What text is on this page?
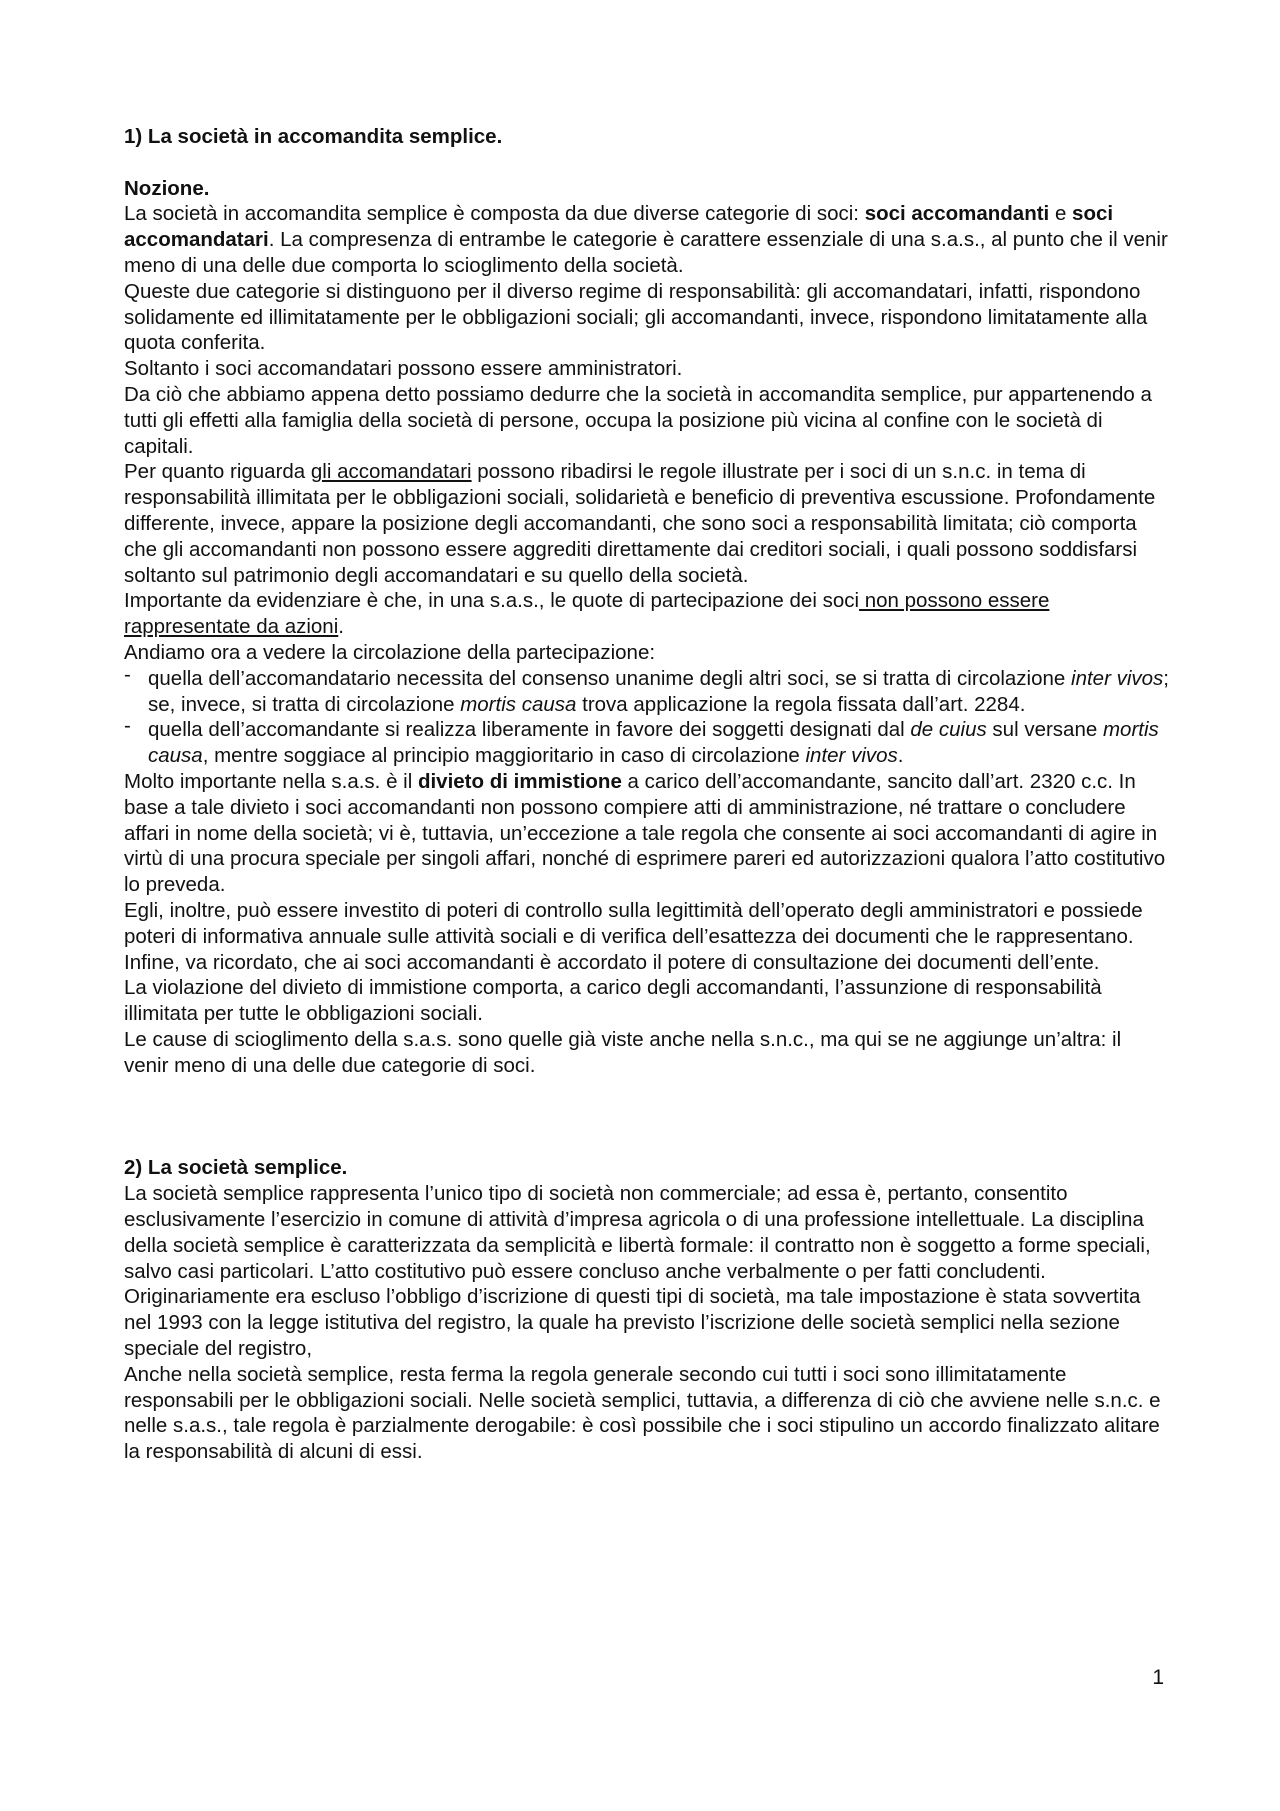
1) La società in accomandita semplice.

Nozione.

La società in accomandita semplice è composta da due diverse categorie di soci: soci accomandanti e soci accomandatari. La compresenza di entrambe le categorie è carattere essenziale di una s.a.s., al punto che il venir meno di una delle due comporta lo scioglimento della società.

Queste due categorie si distinguono per il diverso regime di responsabilità: gli accomandatari, infatti, rispondono solidamente ed illimitatamente per le obbligazioni sociali; gli accomandanti, invece, rispondono limitatamente alla quota conferita.

Soltanto i soci accomandatari possono essere amministratori.

Da ciò che abbiamo appena detto possiamo dedurre che la società in accomandita semplice, pur appartenendo a tutti gli effetti alla famiglia della società di persone, occupa la posizione più vicina al confine con le società di capitali.

Per quanto riguarda gli accomandatari possono ribadirsi le regole illustrate per i soci di un s.n.c. in tema di responsabilità illimitata per le obbligazioni sociali, solidarietà e beneficio di preventiva escussione. Profondamente differente, invece, appare la posizione degli accomandanti, che sono soci a responsabilità limitata; ciò comporta che gli accomandanti non possono essere aggrediti direttamente dai creditori sociali, i quali possono soddisfarsi soltanto sul patrimonio degli accomandatari e su quello della società.

Importante da evidenziare è che, in una s.a.s., le quote di partecipazione dei soci non possono essere rappresentate da azioni.

Andiamo ora a vedere la circolazione della partecipazione:

- quella dell’accomandatario necessita del consenso unanime degli altri soci, se si tratta di circolazione inter vivos; se, invece, si tratta di circolazione mortis causa trova applicazione la regola fissata dall’art. 2284.
- quella dell’accomandante si realizza liberamente in favore dei soggetti designati dal de cuius sul versane mortis causa, mentre soggiace al principio maggioritario in caso di circolazione inter vivos.

Molto importante nella s.a.s. è il divieto di immistione a carico dell’accomandante, sancito dall’art. 2320 c.c. In base a tale divieto i soci accomandanti non possono compiere atti di amministrazione, né trattare o concludere affari in nome della società; vi è, tuttavia, un’eccezione a tale regola che consente ai soci accomandanti di agire in virtù di una procura speciale per singoli affari, nonché di esprimere pareri ed autorizzazioni qualora l’atto costitutivo lo preveda.

Egli, inoltre, può essere investito di poteri di controllo sulla legittimità dell’operato degli amministratori e possiede poteri di informativa annuale sulle attività sociali e di verifica dell’esattezza dei documenti che le rappresentano. Infine, va ricordato, che ai soci accomandanti è accordato il potere di consultazione dei documenti dell’ente.

La violazione del divieto di immistione comporta, a carico degli accomandanti, l’assunzione di responsabilità illimitata per tutte le obbligazioni sociali.

Le cause di scioglimento della s.a.s. sono quelle già viste anche nella s.n.c., ma qui se ne aggiunge un’altra: il venir meno di una delle due categorie di soci.

2) La società semplice.

La società semplice rappresenta l’unico tipo di società non commerciale; ad essa è, pertanto, consentito esclusivamente l’esercizio in comune di attività d’impresa agricola o di una professione intellettuale. La disciplina della società semplice è caratterizzata da semplicità e libertà formale: il contratto non è soggetto a forme speciali, salvo casi particolari. L’atto costitutivo può essere concluso anche verbalmente o per fatti concludenti.

Originariamente era escluso l’obbligo d’iscrizione di questi tipi di società, ma tale impostazione è stata sovvertita nel 1993 con la legge istitutiva del registro, la quale ha previsto l’iscrizione delle società semplici nella sezione speciale del registro,

Anche nella società semplice, resta ferma la regola generale secondo cui tutti i soci sono illimitatamente responsabili per le obbligazioni sociali. Nelle società semplici, tuttavia, a differenza di ciò che avviene nelle s.n.c. e nelle s.a.s., tale regola è parzialmente derogabile: è così possibile che i soci stipulino un accordo finalizzato alitare la responsabilità di alcuni di essi.

1
